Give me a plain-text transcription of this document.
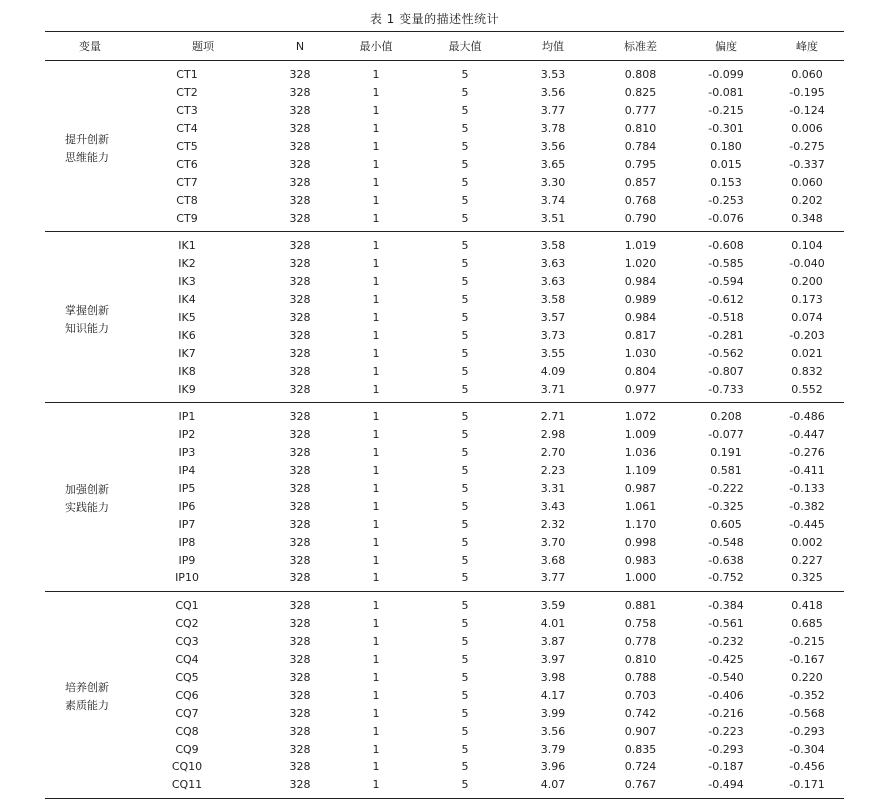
表 1 变量的描述性统计
变量	题项	N	最小值	最大值	均值	标准差	偏度	峰度

提升创新
思维能力	CT1	328	1	5	3.53	0.808	-0.099	0.060
	CT2	328	1	5	3.56	0.825	-0.081	-0.195
	CT3	328	1	5	3.77	0.777	-0.215	-0.124
	CT4	328	1	5	3.78	0.810	-0.301	0.006
	CT5	328	1	5	3.56	0.784	0.180	-0.275
	CT6	328	1	5	3.65	0.795	0.015	-0.337
	CT7	328	1	5	3.30	0.857	0.153	0.060
	CT8	328	1	5	3.74	0.768	-0.253	0.202
	CT9	328	1	5	3.51	0.790	-0.076	0.348

掌握创新
知识能力	IK1	328	1	5	3.58	1.019	-0.608	0.104
	IK2	328	1	5	3.63	1.020	-0.585	-0.040
	IK3	328	1	5	3.63	0.984	-0.594	0.200
	IK4	328	1	5	3.58	0.989	-0.612	0.173
	IK5	328	1	5	3.57	0.984	-0.518	0.074
	IK6	328	1	5	3.73	0.817	-0.281	-0.203
	IK7	328	1	5	3.55	1.030	-0.562	0.021
	IK8	328	1	5	4.09	0.804	-0.807	0.832
	IK9	328	1	5	3.71	0.977	-0.733	0.552

加强创新
实践能力	IP1	328	1	5	2.71	1.072	0.208	-0.486
	IP2	328	1	5	2.98	1.009	-0.077	-0.447
	IP3	328	1	5	2.70	1.036	0.191	-0.276
	IP4	328	1	5	2.23	1.109	0.581	-0.411
	IP5	328	1	5	3.31	0.987	-0.222	-0.133
	IP6	328	1	5	3.43	1.061	-0.325	-0.382
	IP7	328	1	5	2.32	1.170	0.605	-0.445
	IP8	328	1	5	3.70	0.998	-0.548	0.002
	IP9	328	1	5	3.68	0.983	-0.638	0.227
	IP10	328	1	5	3.77	1.000	-0.752	0.325

培养创新
素质能力	CQ1	328	1	5	3.59	0.881	-0.384	0.418
	CQ2	328	1	5	4.01	0.758	-0.561	0.685
	CQ3	328	1	5	3.87	0.778	-0.232	-0.215
	CQ4	328	1	5	3.97	0.810	-0.425	-0.167
	CQ5	328	1	5	3.98	0.788	-0.540	0.220
	CQ6	328	1	5	4.17	0.703	-0.406	-0.352
	CQ7	328	1	5	3.99	0.742	-0.216	-0.568
	CQ8	328	1	5	3.56	0.907	-0.223	-0.293
	CQ9	328	1	5	3.79	0.835	-0.293	-0.304
	CQ10	328	1	5	3.96	0.724	-0.187	-0.456
	CQ11	328	1	5	4.07	0.767	-0.494	-0.171
